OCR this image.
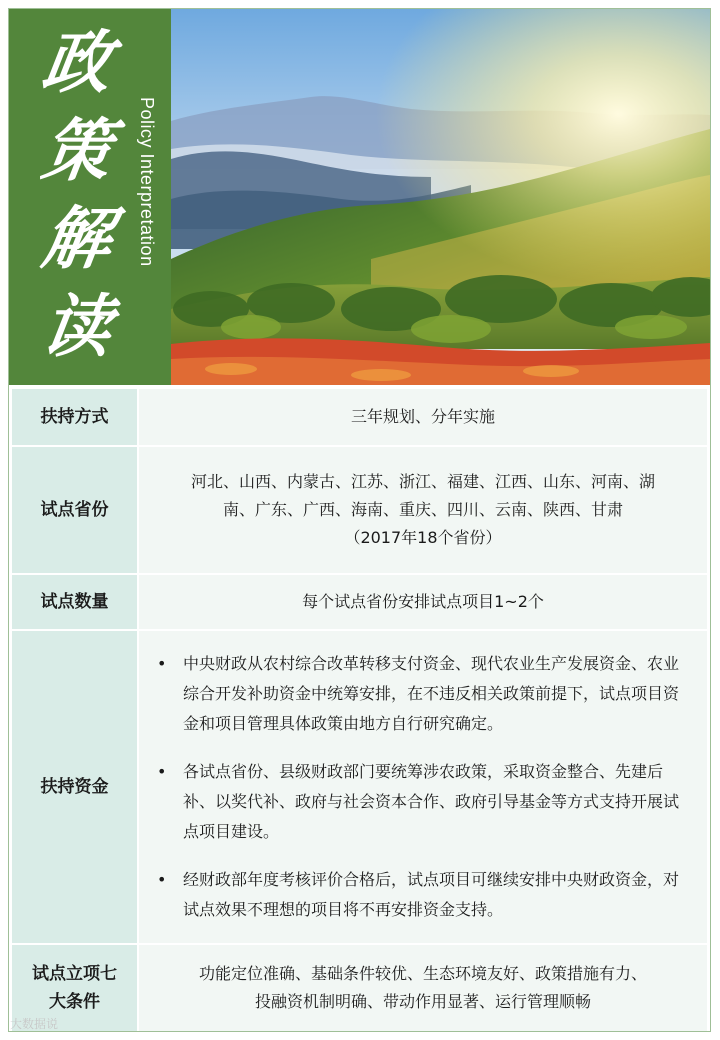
政
策
解
读
Policy Interpretation
扶持方式	三年规划、分年实施
试点省份
河北、山西、内蒙古、江苏、浙江、福建、江西、山东、河南、湖
南、广东、广西、海南、重庆、四川、云南、陕西、甘肃
（2017年18个省份）
试点数量	每个试点省份安排试点项目1~2个
扶持资金
• 中央财政从农村综合改革转移支付资金、现代农业生产发展资金、农业综合开发补助资金中统筹安排，在不违反相关政策前提下，试点项目资金和项目管理具体政策由地方自行研究确定。
• 各试点省份、县级财政部门要统筹涉农政策，采取资金整合、先建后补、以奖代补、政府与社会资本合作、政府引导基金等方式支持开展试点项目建设。
• 经财政部年度考核评价合格后，试点项目可继续安排中央财政资金，对试点效果不理想的项目将不再安排资金支持。
试点立项七
大条件
功能定位准确、基础条件较优、生态环境友好、政策措施有力、
投融资机制明确、带动作用显著、运行管理顺畅
大数据说
